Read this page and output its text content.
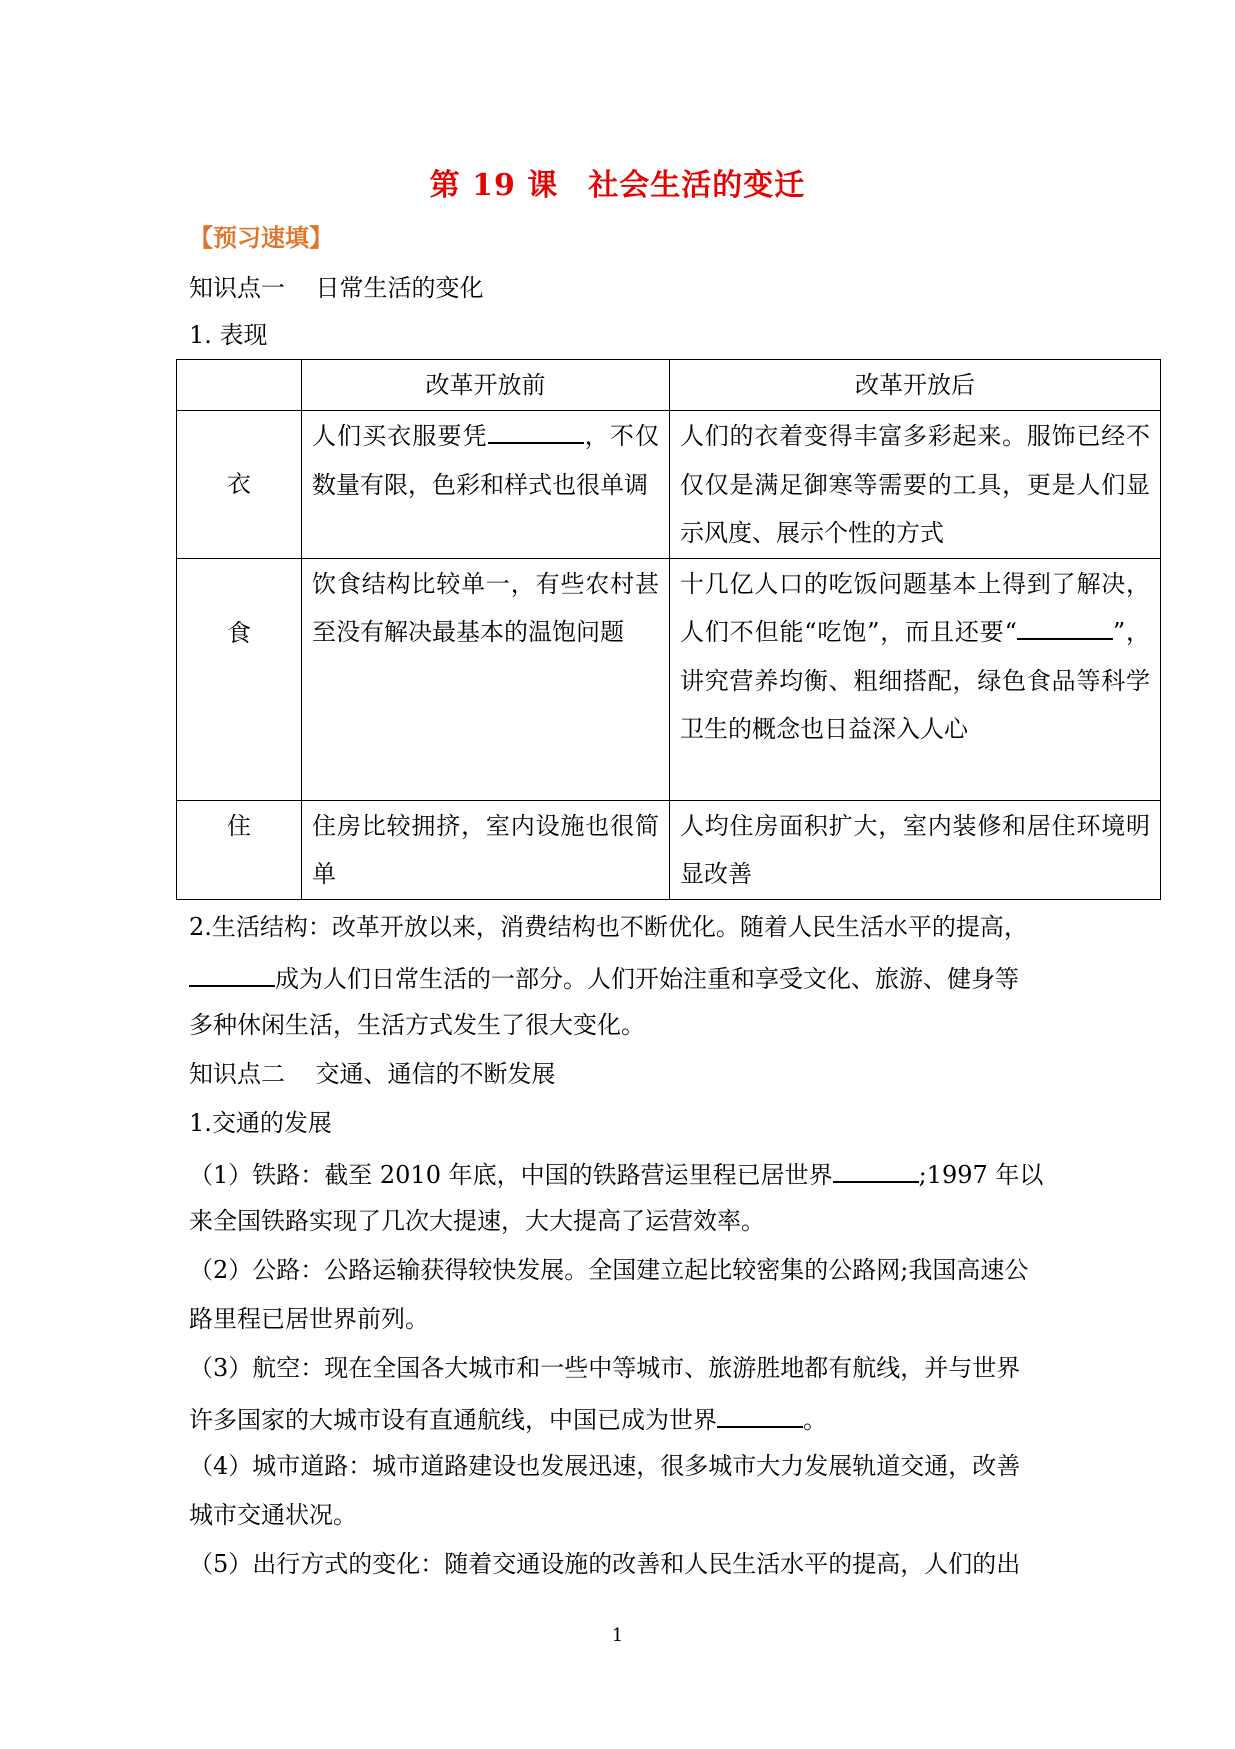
第 19 课 社会生活的变迁
【预习速填】
知识点一    日常生活的变化
1. 表现
	改革开放前	改革开放后
衣	人们买衣服要凭 ，不仅数量有限，色彩和样式也很单调	人们的衣着变得丰富多彩起来。服饰已经不仅仅是满足御寒等需要的工具，更是人们显示风度、展示个性的方式

食	饮食结构比较单一，有些农村甚至没有解决最基本的温饱问题	十几亿人口的吃饭问题基本上得到了解决，人们不但能“吃饱”，而且还要“ ”，讲究营养均衡、粗细搭配，绿色食品等科学卫生的概念也日益深入人心

住	住房比较拥挤，室内设施也很简单	人均住房面积扩大，室内装修和居住环境明显改善
2.生活结构：改革开放以来，消费结构也不断优化。随着人民生活水平的提高，
成为人们日常生活的一部分。人们开始注重和享受文化、旅游、健身等
多种休闲生活，生活方式发生了很大变化。
知识点二    交通、通信的不断发展
1.交通的发展
（1）铁路：截至 2010 年底，中国的铁路营运里程已居世界	;1997 年以
来全国铁路实现了几次大提速，大大提高了运营效率。
（2）公路：公路运输获得较快发展。全国建立起比较密集的公路网;我国高速公
路里程已居世界前列。
（3）航空：现在全国各大城市和一些中等城市、旅游胜地都有航线，并与世界
许多国家的大城市设有直通航线，中国已成为世界	。
（4）城市道路：城市道路建设也发展迅速，很多城市大力发展轨道交通，改善
城市交通状况。
（5）出行方式的变化：随着交通设施的改善和人民生活水平的提高，人们的出
1
